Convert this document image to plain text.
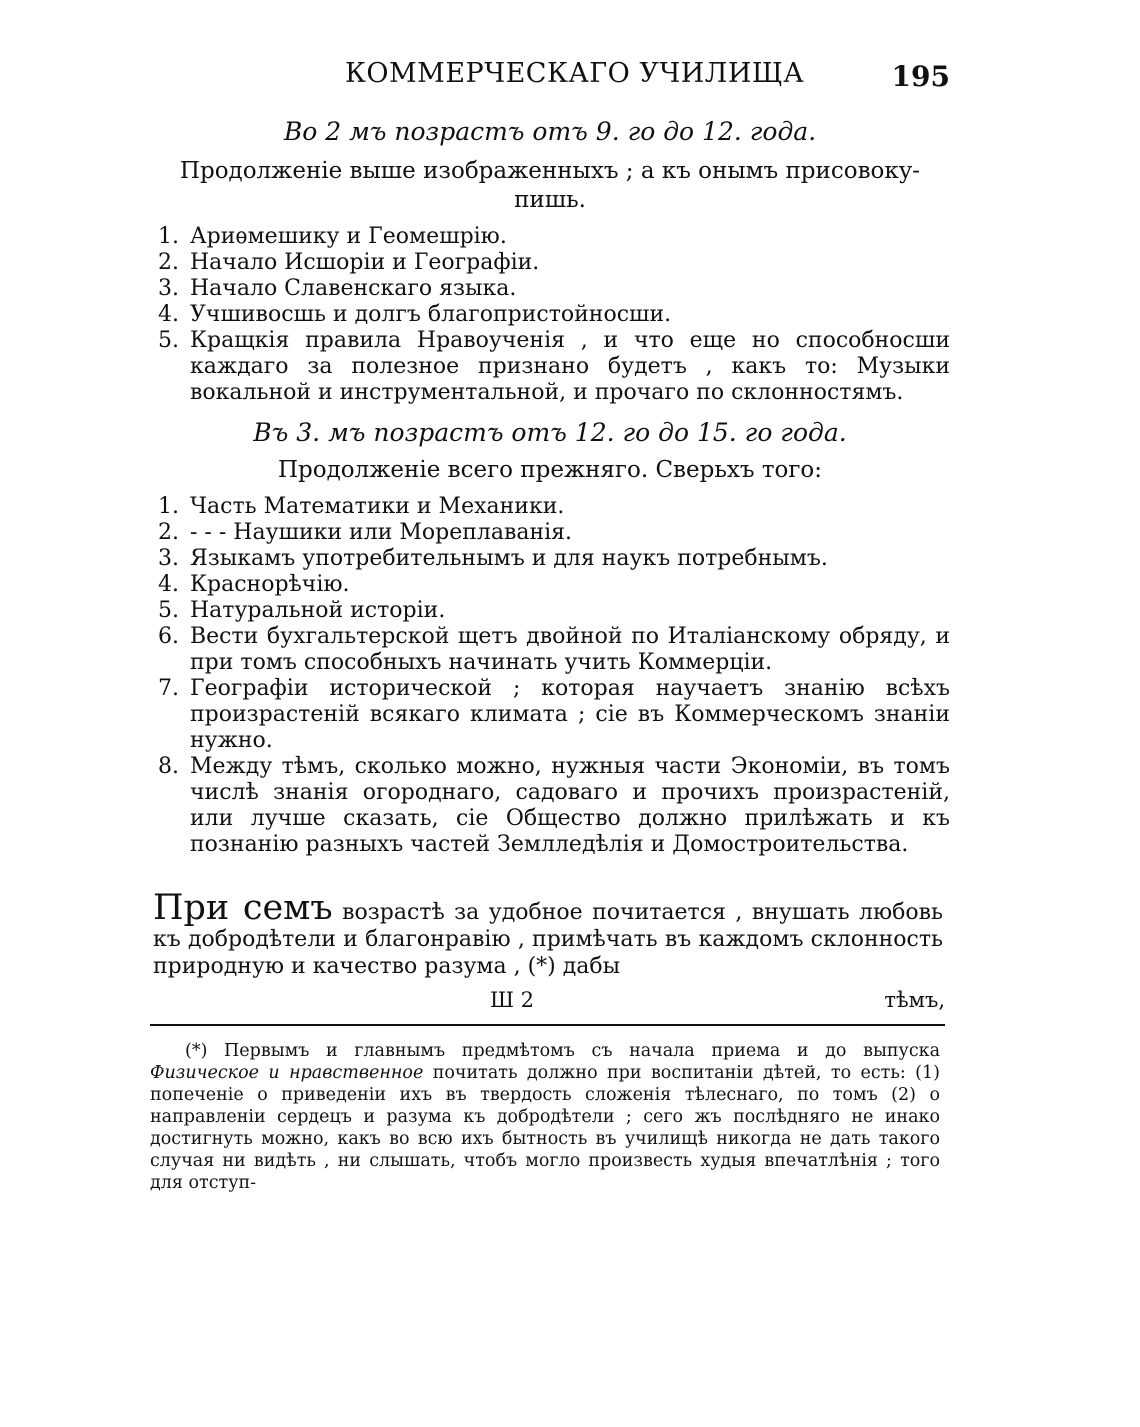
КОММЕРЧЕСКАГО УЧИЛИЩА	195
Во 2 мъ позрастъ отъ 9. го до 12. года.
Продолженіе выше изображенныхъ ; а къ онымъ присовоку-пишь.
1. Ариѳмешику и Геомешрію.
2. Начало Исшоріи и Географіи.
3. Начало Славенскаго языка.
4. Учшивосшь и долгъ благопристойносши.
5. Кращкія правила Нравоученія , и что еще но способносши каждаго за полезное признано будетъ , какъ то: Музыки вокальной и инструментальной, и прочаго по склонностямъ.
Въ 3. мъ позрастъ отъ 12. го до 15. го года.
Продолженіе всего прежняго. Сверьхъ того:
1. Часть Математики и Механики.
2. - - - Наушики или Мореплаванія.
3. Языкамъ употребительнымъ и для наукъ потребнымъ.
4. Краснорѣчію.
5. Натуральной исторіи.
6. Вести бухгальтерской щетъ двойной по Италіанскому обряду, и при томъ способныхъ начинать учить Коммерціи.
7. Географіи исторической ; которая научаетъ знанію всѣхъ произрастеній всякаго климата ; сіе въ Коммерческомъ знаніи нужно.
8. Между тѣмъ, сколько можно, нужныя части Экономіи, въ томъ числѣ знанія огороднаго, садоваго и прочихъ произрастеній, или лучше сказать, сіе Общество должно прилѣжать и къ познанію разныхъ частей Землледѣлія и Домостроительства.
При семъ возрастѣ за удобное почитается , внушать любовь къ добродѣтели и благонравію , примѣчать въ каждомъ склонность природную и качество разума , (*) дабы
Ш 2	тѣмъ,
(*) Первымъ и главнымъ предмѣтомъ съ начала приема и до выпуска Физическое и нравственное почитать должно при воспитаніи дѣтей, то есть: (1) попеченіе о приведеніи ихъ въ твердость сложенія тѣлеснаго, по томъ (2) о направленіи сердецъ и разума къ добродѣтели ; сего жъ послѣдняго не инако достигнуть можно, какъ во всю ихъ бытность въ училищѣ никогда не дать такого случая ни видѣть , ни слышать, чтобъ могло произвесть худыя впечатлѣнія ; того для отступ-
